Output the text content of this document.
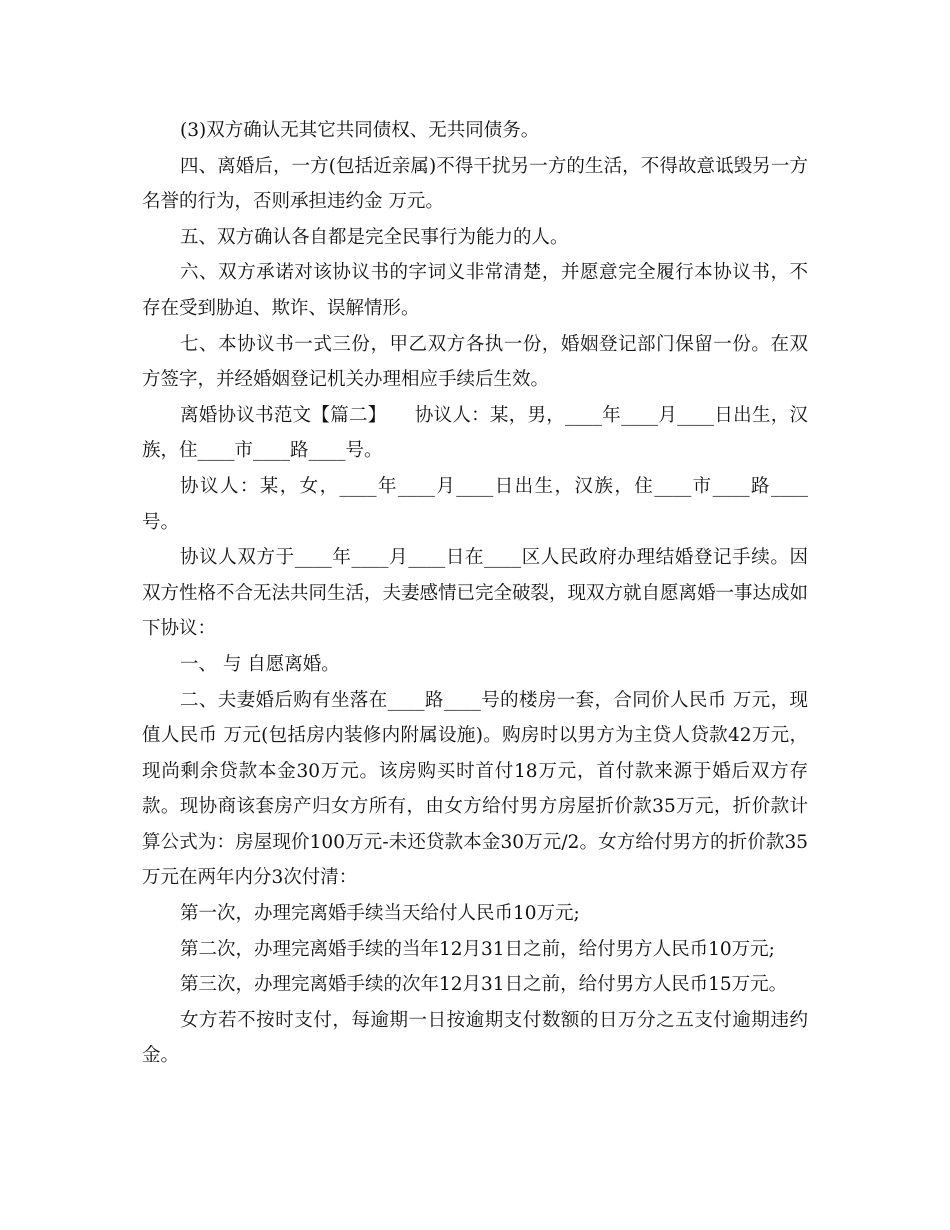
(3)双方确认无其它共同债权、无共同债务。

四、离婚后，一方(包括近亲属)不得干扰另一方的生活，不得故意诋毁另一方名誉的行为，否则承担违约金 万元。

五、双方确认各自都是完全民事行为能力的人。

六、双方承诺对该协议书的字词义非常清楚，并愿意完全履行本协议书，不存在受到胁迫、欺诈、误解情形。

七、本协议书一式三份，甲乙双方各执一份，婚姻登记部门保留一份。在双方签字，并经婚姻登记机关办理相应手续后生效。

离婚协议书范文【篇二】　　协议人：某，男，____年____月____日出生，汉族，住____市____路____号。

协议人：某，女，____年____月____日出生，汉族，住____市____路____号。

协议人双方于____年____月____日在____区人民政府办理结婚登记手续。因双方性格不合无法共同生活，夫妻感情已完全破裂，现双方就自愿离婚一事达成如下协议：

一、 与 自愿离婚。

二、夫妻婚后购有坐落在____路____号的楼房一套，合同价人民币 万元，现值人民币 万元(包括房内装修内附属设施)。购房时以男方为主贷人贷款42万元，现尚剩余贷款本金30万元。该房购买时首付18万元，首付款来源于婚后双方存款。现协商该套房产归女方所有，由女方给付男方房屋折价款35万元，折价款计算公式为：房屋现价100万元-未还贷款本金30万元/2。女方给付男方的折价款35万元在两年内分3次付清：

第一次，办理完离婚手续当天给付人民币10万元;

第二次，办理完离婚手续的当年12月31日之前，给付男方人民币10万元;

第三次，办理完离婚手续的次年12月31日之前，给付男方人民币15万元。

女方若不按时支付，每逾期一日按逾期支付数额的日万分之五支付逾期违约金。
